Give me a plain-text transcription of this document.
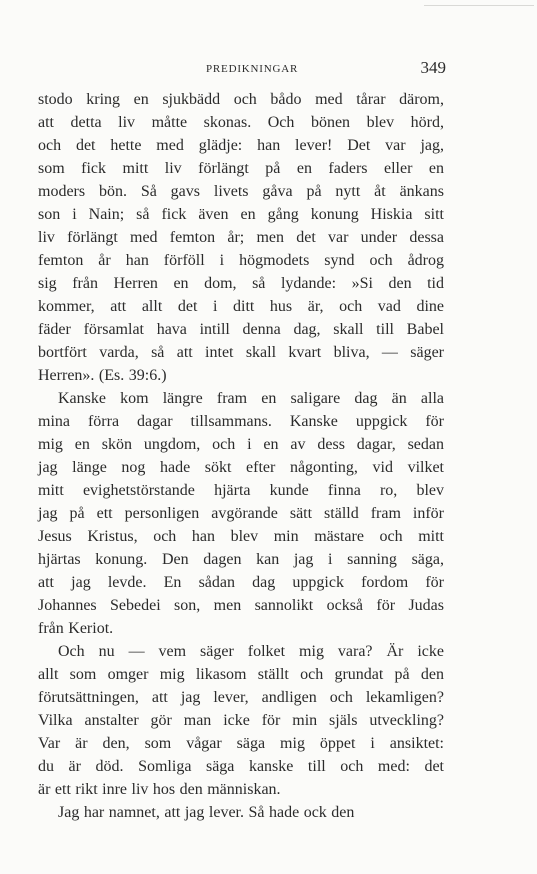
PREDIKNINGAR	349

stodo kring en sjukbädd och bådo med tårar därom,

att detta liv måtte skonas. Och bönen blev hörd,

och det hette med glädje: han lever! Det var jag,

som fick mitt liv förlängt på en faders eller en

moders bön. Så gavs livets gåva på nytt åt änkans

son i Nain; så fick även en gång konung Hiskia sitt

liv förlängt med femton år; men det var under dessa

femton år han förföll i högmodets synd och ådrog

sig från Herren en dom, så lydande: »Si den tid

kommer, att allt det i ditt hus är, och vad dine

fäder församlat hava intill denna dag, skall till Babel

bortfört varda, så att intet skall kvart bliva, — säger

Herren». (Es. 39:6.)

Kanske kom längre fram en saligare dag än alla

mina förra dagar tillsammans. Kanske uppgick för

mig en skön ungdom, och i en av dess dagar, sedan

jag länge nog hade sökt efter någonting, vid vilket

mitt evighetstörstande hjärta kunde finna ro, blev

jag på ett personligen avgörande sätt ställd fram inför

Jesus Kristus, och han blev min mästare och mitt

hjärtas konung. Den dagen kan jag i sanning säga,

att jag levde. En sådan dag uppgick fordom för

Johannes Sebedei son, men sannolikt också för Judas

från Keriot.

Och nu — vem säger folket mig vara? Är icke

allt som omger mig likasom ställt och grundat på den

förutsättningen, att jag lever, andligen och lekamligen?

Vilka anstalter gör man icke för min själs utveckling?

Var är den, som vågar säga mig öppet i ansiktet:

du är död. Somliga säga kanske till och med: det

är ett rikt inre liv hos den människan.

Jag har namnet, att jag lever. Så hade ock den
